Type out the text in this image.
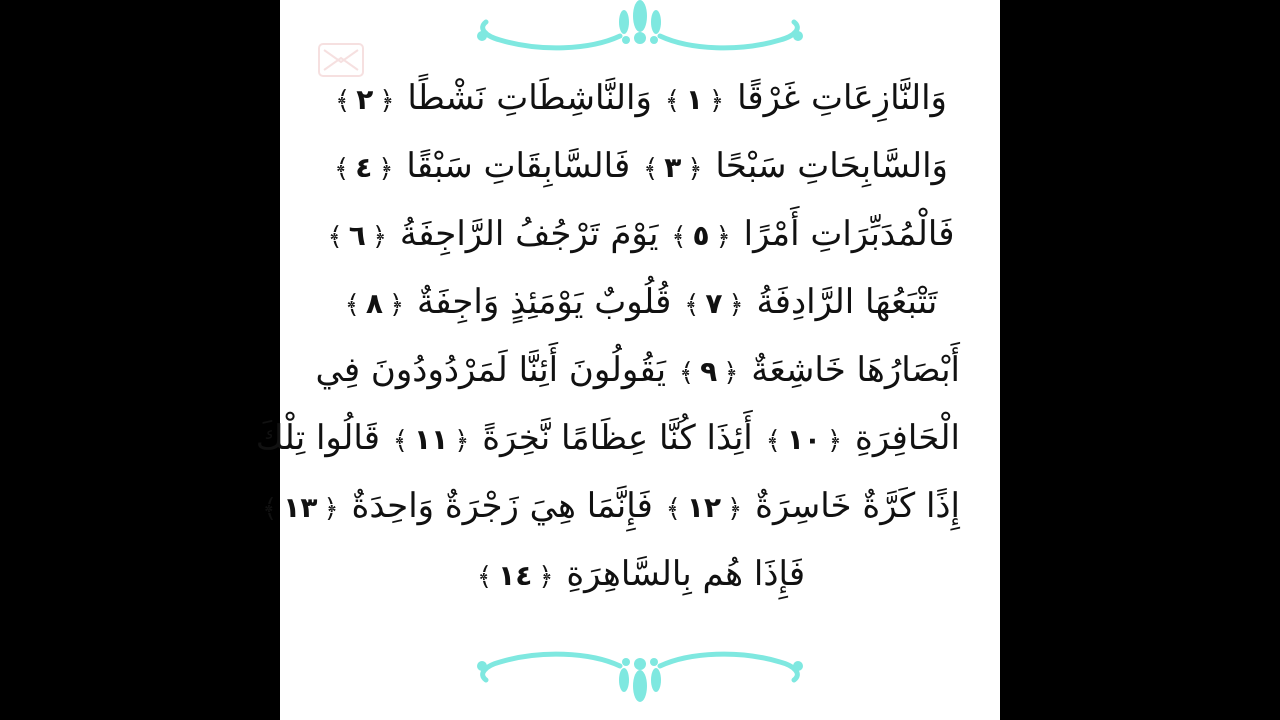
وَالنَّازِعَاتِ غَرْقًا ﴿١﴾ وَالنَّاشِطَاتِ نَشْطًا ﴿٢﴾
وَالسَّابِحَاتِ سَبْحًا ﴿٣﴾ فَالسَّابِقَاتِ سَبْقًا ﴿٤﴾
فَالْمُدَبِّرَاتِ أَمْرًا ﴿٥﴾ يَوْمَ تَرْجُفُ الرَّاجِفَةُ ﴿٦﴾
تَتْبَعُهَا الرَّادِفَةُ ﴿٧﴾ قُلُوبٌ يَوْمَئِذٍ وَاجِفَةٌ ﴿٨﴾
أَبْصَارُهَا خَاشِعَةٌ ﴿٩﴾ يَقُولُونَ أَئِنَّا لَمَرْدُودُونَ فِي
الْحَافِرَةِ ﴿١٠﴾ أَئِذَا كُنَّا عِظَامًا نَّخِرَةً ﴿١١﴾ قَالُوا تِلْكَ
إِذًا كَرَّةٌ خَاسِرَةٌ ﴿١٢﴾ فَإِنَّمَا هِيَ زَجْرَةٌ وَاحِدَةٌ ﴿١٣﴾
فَإِذَا هُم بِالسَّاهِرَةِ ﴿١٤﴾
